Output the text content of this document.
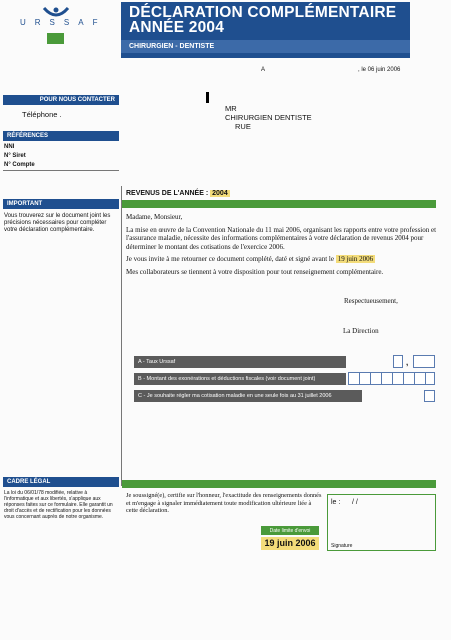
URSSAF
DÉCLARATION COMPLÉMENTAIRE
ANNÉE 2004
CHIRURGIEN - DENTISTE
A	, le 06 juin 2006
POUR NOUS CONTACTER
Téléphone .
RÉFÉRENCES
NNI
N° Siret
N° Compte
MR
CHIRURGIEN DENTISTE
RUE
IMPORTANT
Vous trouverez sur le document joint les précisions nécessaires pour compléter votre déclaration complémentaire.
REVENUS DE L'ANNÉE : 2004

Madame, Monsieur,

La mise en œuvre de la Convention Nationale du 11 mai 2006, organisant les rapports entre votre profession et l'assurance maladie, nécessite des informations complémentaires à votre déclaration de revenus 2004 pour déterminer le montant des cotisations de l'exercice 2006.

Je vous invite à me retourner ce document complété, daté et signé avant le 19 juin 2006

Mes collaborateurs se tiennent à votre disposition pour tout renseignement complémentaire.

Respectueusement,
La Direction
A - Taux Urssaf	,
B - Montant des exonérations et déductions fiscales (voir document joint)
C - Je souhaite régler ma cotisation maladie en une seule fois au 31 juillet 2006
CADRE LÉGAL
La loi du 06/01/78 modifiée, relative à l'informatique et aux libertés, s'applique aux réponses faites sur ce formulaire. Elle garantit un droit d'accès et de rectification pour les données vous concernant auprès de notre organisme.
Je soussigné(e), certifie sur l'honneur, l'exactitude des renseignements donnés et m'engage à signaler immédiatement toute modification ultérieure liée à cette déclaration.
Date limite d'envoi
19 juin 2006
le : / /
Signature
